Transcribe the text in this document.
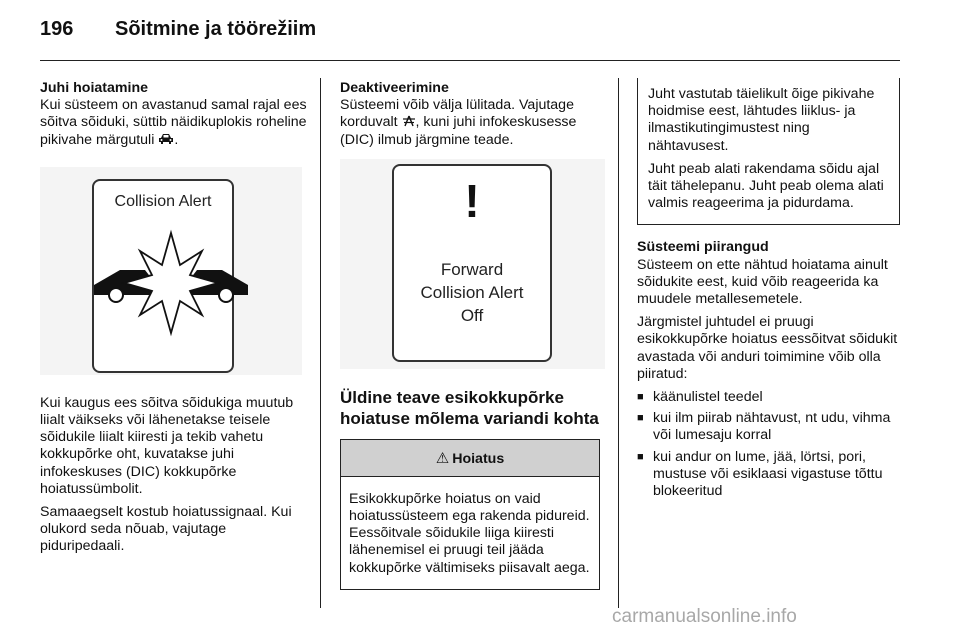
196 Sõitmine ja töörežiim
Juhi hoiatamine

Kui süsteem on avastanud samal rajal ees sõitva sõiduki, süttib näidikuplokis roheline pikivahe märgutuli .

Collision Alert

Kui kaugus ees sõitva sõidukiga muutub liialt väikseks või lähenetakse teisele sõidukile liialt kiiresti ja tekib vahetu kokkupõrke oht, kuvatakse juhi infokeskuses (DIC) kokkupõrke hoiatussümbolit.

Samaaegselt kostub hoiatussignaal. Kui olukord seda nõuab, vajutage piduripedaali.

Deaktiveerimine

Süsteemi võib välja lülitada. Vajutage korduvalt , kuni juhi infokeskusesse (DIC) ilmub järgmine teade.

!
Forward
Collision Alert
Off
Üldine teave esikokkupõrke hoiatuse mõlema variandi kohta
⚠ Hoiatus
Esikokkupõrke hoiatus on vaid hoiatussüsteem ega rakenda pidureid. Eessõitvale sõidukile liiga kiiresti lähenemisel ei pruugi teil jääda kokkupõrke vältimiseks piisavalt aega.

Juht vastutab täielikult õige pikivahe hoidmise eest, lähtudes liiklus- ja ilmastikutingimustest ning nähtavusest.

Juht peab alati rakendama sõidu ajal täit tähelepanu. Juht peab olema alati valmis reageerima ja pidurdama.

Süsteemi piirangud

Süsteem on ette nähtud hoiatama ainult sõidukite eest, kuid võib reageerida ka muudele metallesemetele.

Järgmistel juhtudel ei pruugi esikokkupõrke hoiatus eessõitvat sõidukit avastada või anduri toimimine võib olla piiratud:

■ käänulistel teedel
■ kui ilm piirab nähtavust, nt udu, vihma või lumesaju korral
■ kui andur on lume, jää, lörtsi, pori, mustuse või esiklaasi vigastuse tõttu blokeeritud
carmanualsonline.info
